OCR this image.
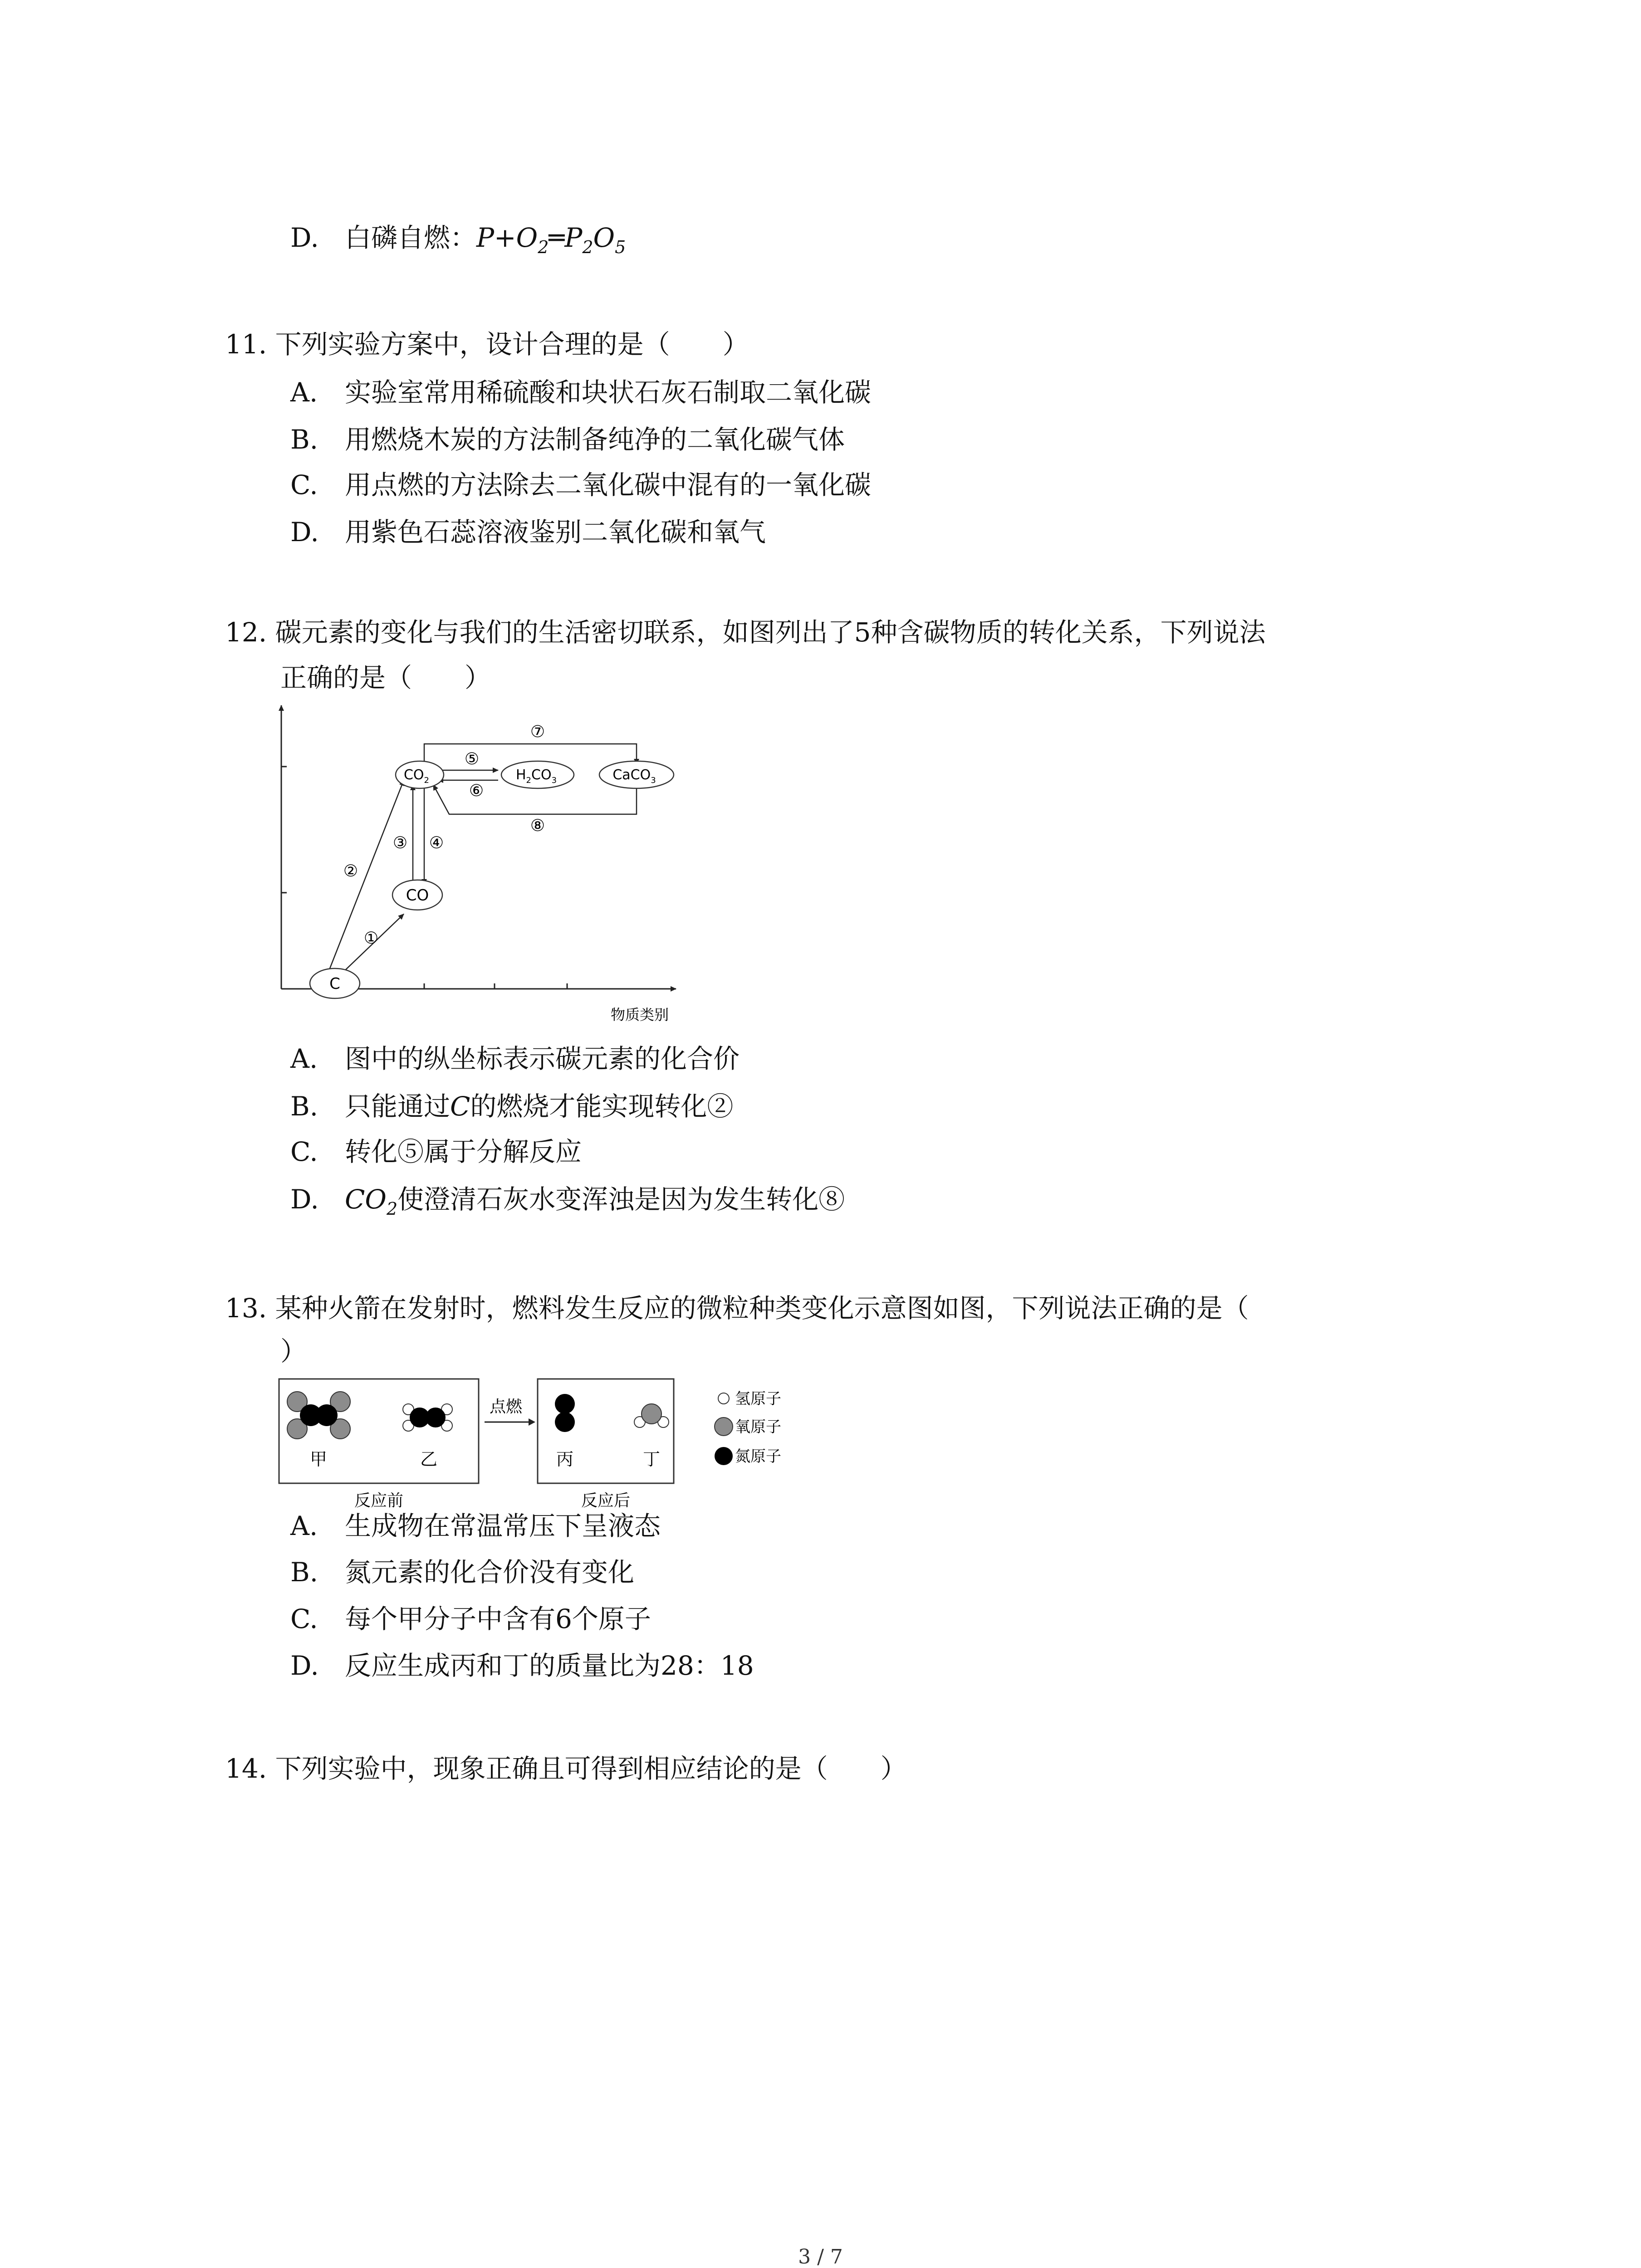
D. 白磷自燃：$P+O_2═P_2O_5$
11. 下列实验方案中，设计合理的是（　　）
A. 实验室常用稀硫酸和块状石灰石制取二氧化碳
B. 用燃烧木炭的方法制备纯净的二氧化碳气体
C. 用点燃的方法除去二氧化碳中混有的一氧化碳
D. 用紫色石蕊溶液鉴别二氧化碳和氧气
12. 碳元素的变化与我们的生活密切联系，如图列出了5种含碳物质的转化关系，下列说法
正确的是（　　）
C
CO
$CO_2$	$H_2CO_3$	CaCO$_3$
①
②
③ ④
⑤
⑥
⑦
⑧
物质类别
A. 图中的纵坐标表示碳元素的化合价
B. 只能通过C的燃烧才能实现转化②
C. 转化⑤属于分解反应
D. $CO_2$使澄清石灰水变浑浊是因为发生转化⑧
13. 某种火箭在发射时，燃料发生反应的微粒种类变化示意图如图，下列说法正确的是（
）
甲	乙
反应前
点燃
丙	丁
反应后
氢原子
氧原子
氮原子
A. 生成物在常温常压下呈液态
B. 氮元素的化合价没有变化
C. 每个甲分子中含有6个原子
D. 反应生成丙和丁的质量比为28：18
14. 下列实验中，现象正确且可得到相应结论的是（　　）
3 / 7
